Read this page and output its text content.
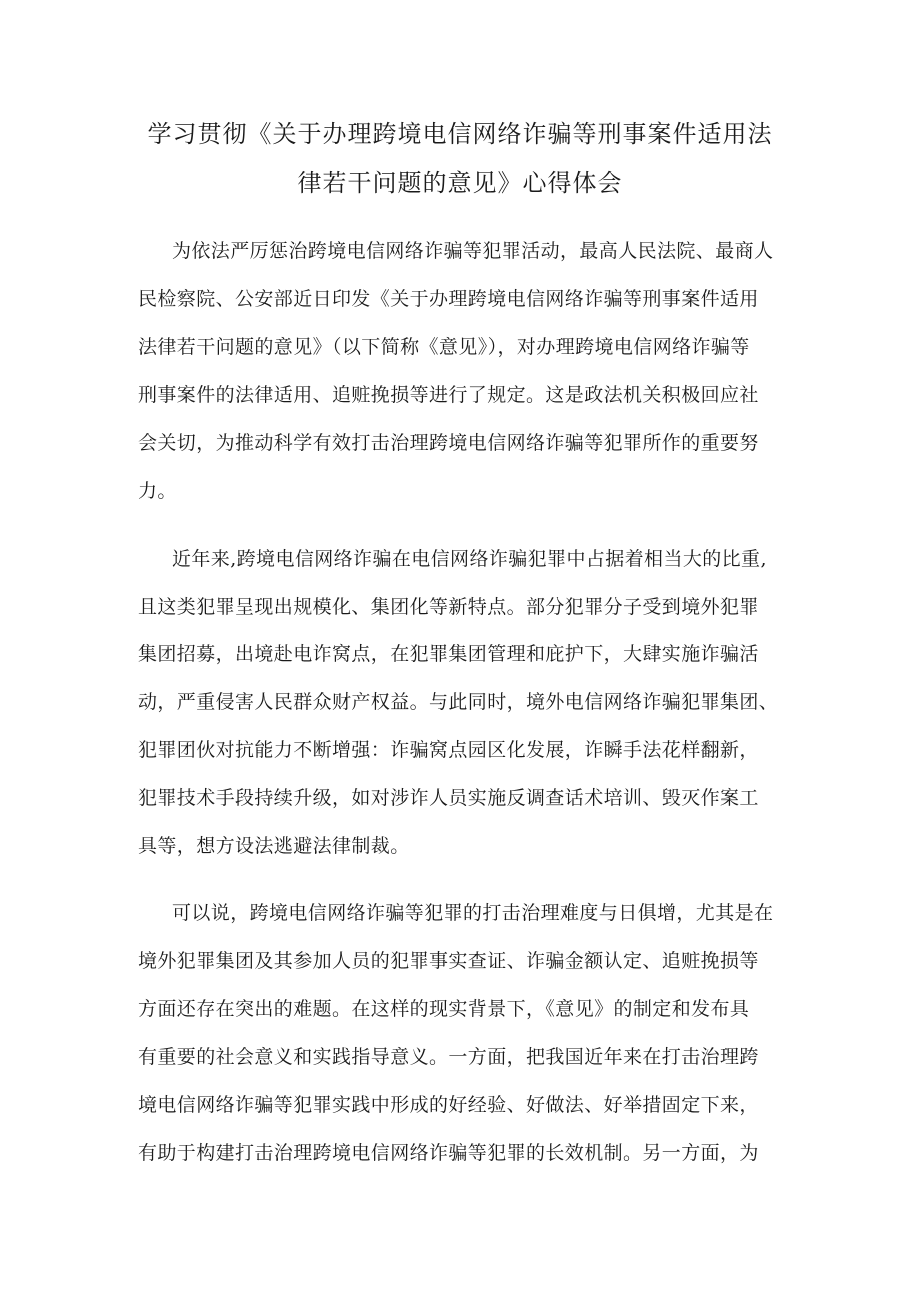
学习贯彻《关于办理跨境电信网络诈骗等刑事案件适用法
律若干问题的意见》心得体会
为依法严厉惩治跨境电信网络诈骗等犯罪活动，最高人民法院、最商人
民检察院、公安部近日印发《关于办理跨境电信网络诈骗等刑事案件适用
法律若干问题的意见》（以下简称《意见》），对办理跨境电信网络诈骗等
刑事案件的法律适用、追赃挽损等进行了规定。这是政法机关积极回应社
会关切，为推动科学有效打击治理跨境电信网络诈骗等犯罪所作的重要努
力。
近年来,跨境电信网络诈骗在电信网络诈骗犯罪中占据着相当大的比重,
且这类犯罪呈现出规模化、集团化等新特点。部分犯罪分子受到境外犯罪
集团招募，出境赴电诈窝点，在犯罪集团管理和庇护下，大肆实施诈骗活
动，严重侵害人民群众财产权益。与此同时，境外电信网络诈骗犯罪集团、
犯罪团伙对抗能力不断增强：诈骗窝点园区化发展，诈瞬手法花样翻新，
犯罪技术手段持续升级，如对涉诈人员实施反调查话术培训、毁灭作案工
具等，想方设法逃避法律制裁。
可以说，跨境电信网络诈骗等犯罪的打击治理难度与日俱增，尤其是在
境外犯罪集团及其参加人员的犯罪事实查证、诈骗金额认定、追赃挽损等
方面还存在突出的难题。在这样的现实背景下，《意见》的制定和发布具
有重要的社会意义和实践指导意义。一方面，把我国近年来在打击治理跨
境电信网络诈骗等犯罪实践中形成的好经验、好做法、好举措固定下来，
有助于构建打击治理跨境电信网络诈骗等犯罪的长效机制。另一方面，为
